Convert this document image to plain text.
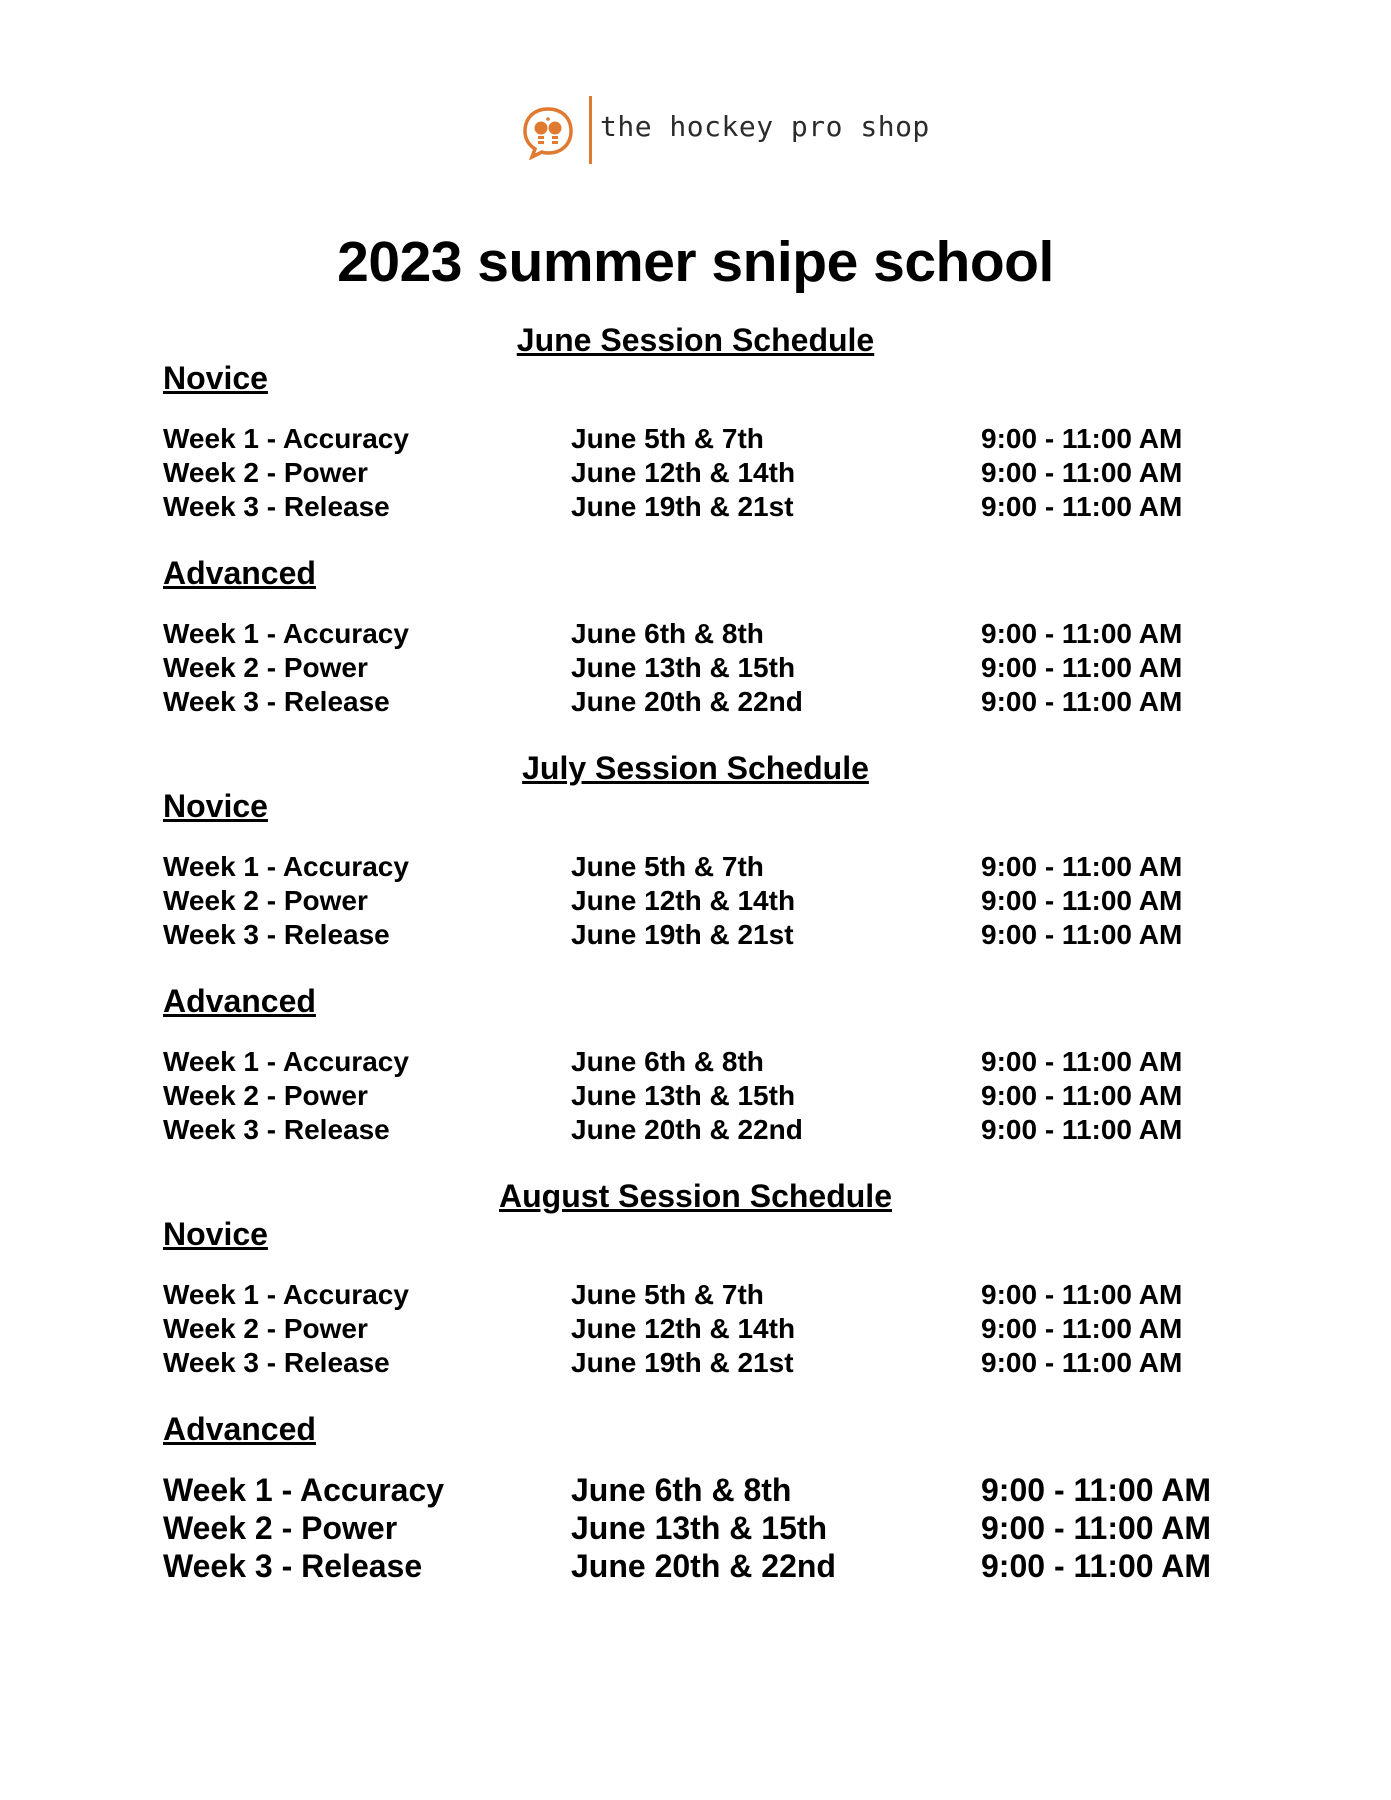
the hockey pro shop
2023 summer snipe school
June Session Schedule
Novice
Week 1 - Accuracy	June 5th & 7th	9:00 - 11:00 AM
Week 2 - Power	June 12th & 14th	9:00 - 11:00 AM
Week 3 - Release	June 19th & 21st	9:00 - 11:00 AM
Advanced
Week 1 - Accuracy	June 6th & 8th	9:00 - 11:00 AM
Week 2 - Power	June 13th & 15th	9:00 - 11:00 AM
Week 3 - Release	June 20th & 22nd	9:00 - 11:00 AM
July Session Schedule
Novice
Week 1 - Accuracy	June 5th & 7th	9:00 - 11:00 AM
Week 2 - Power	June 12th & 14th	9:00 - 11:00 AM
Week 3 - Release	June 19th & 21st	9:00 - 11:00 AM
Advanced
Week 1 - Accuracy	June 6th & 8th	9:00 - 11:00 AM
Week 2 - Power	June 13th & 15th	9:00 - 11:00 AM
Week 3 - Release	June 20th & 22nd	9:00 - 11:00 AM
August Session Schedule
Novice
Week 1 - Accuracy	June 5th & 7th	9:00 - 11:00 AM
Week 2 - Power	June 12th & 14th	9:00 - 11:00 AM
Week 3 - Release	June 19th & 21st	9:00 - 11:00 AM
Advanced
Week 1 - Accuracy	June 6th & 8th	9:00 - 11:00 AM
Week 2 - Power	June 13th & 15th	9:00 - 11:00 AM
Week 3 - Release	June 20th & 22nd	9:00 - 11:00 AM
